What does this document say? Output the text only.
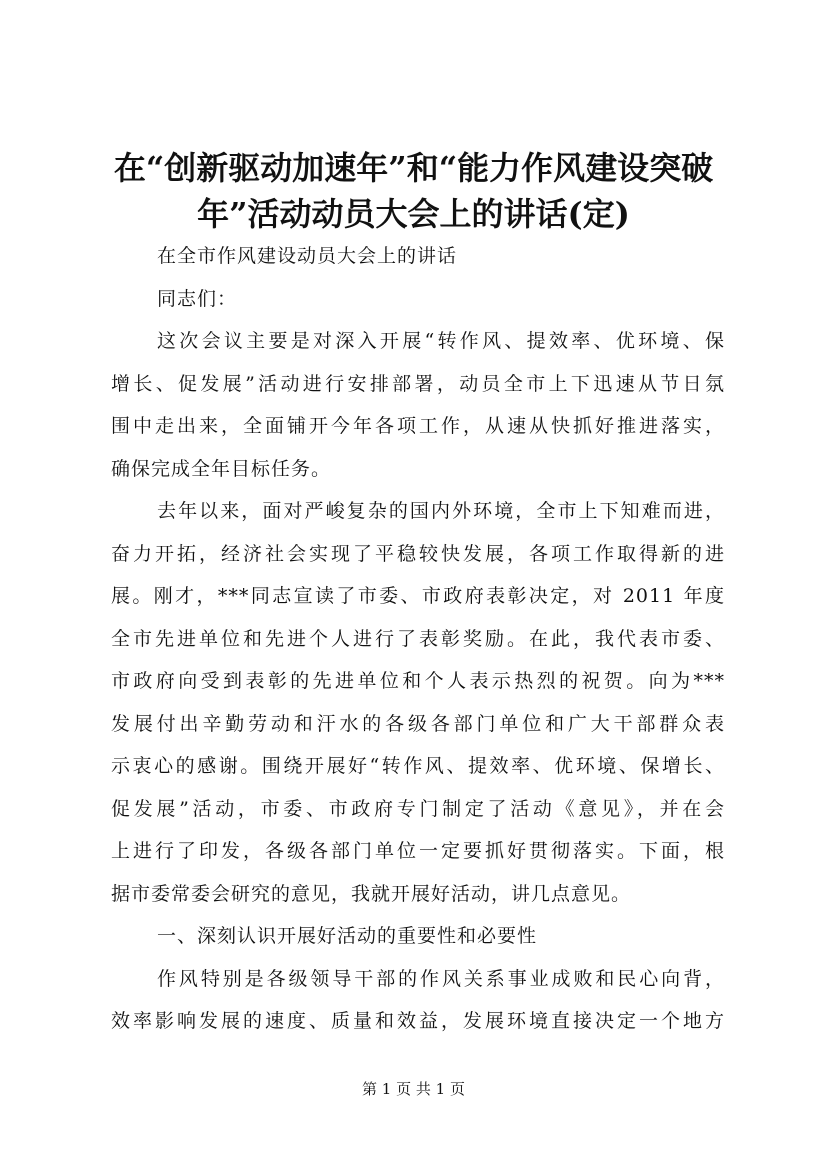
在“创新驱动加速年”和“能力作风建设突破
年”活动动员大会上的讲话(定)
在全市作风建设动员大会上的讲话
同志们：
这次会议主要是对深入开展“转作风、提效率、优环境、保
增长、促发展”活动进行安排部署，动员全市上下迅速从节日氛
围中走出来，全面铺开今年各项工作，从速从快抓好推进落实，
确保完成全年目标任务。
去年以来，面对严峻复杂的国内外环境，全市上下知难而进，
奋力开拓，经济社会实现了平稳较快发展，各项工作取得新的进
展。刚才，***同志宣读了市委、市政府表彰决定，对 2011 年度
全市先进单位和先进个人进行了表彰奖励。在此，我代表市委、
市政府向受到表彰的先进单位和个人表示热烈的祝贺。向为***
发展付出辛勤劳动和汗水的各级各部门单位和广大干部群众表
示衷心的感谢。围绕开展好“转作风、提效率、优环境、保增长、
促发展”活动，市委、市政府专门制定了活动《意见》，并在会
上进行了印发，各级各部门单位一定要抓好贯彻落实。下面，根
据市委常委会研究的意见，我就开展好活动，讲几点意见。
一、深刻认识开展好活动的重要性和必要性
作风特别是各级领导干部的作风关系事业成败和民心向背，
效率影响发展的速度、质量和效益，发展环境直接决定一个地方
第 1 页 共 1 页
